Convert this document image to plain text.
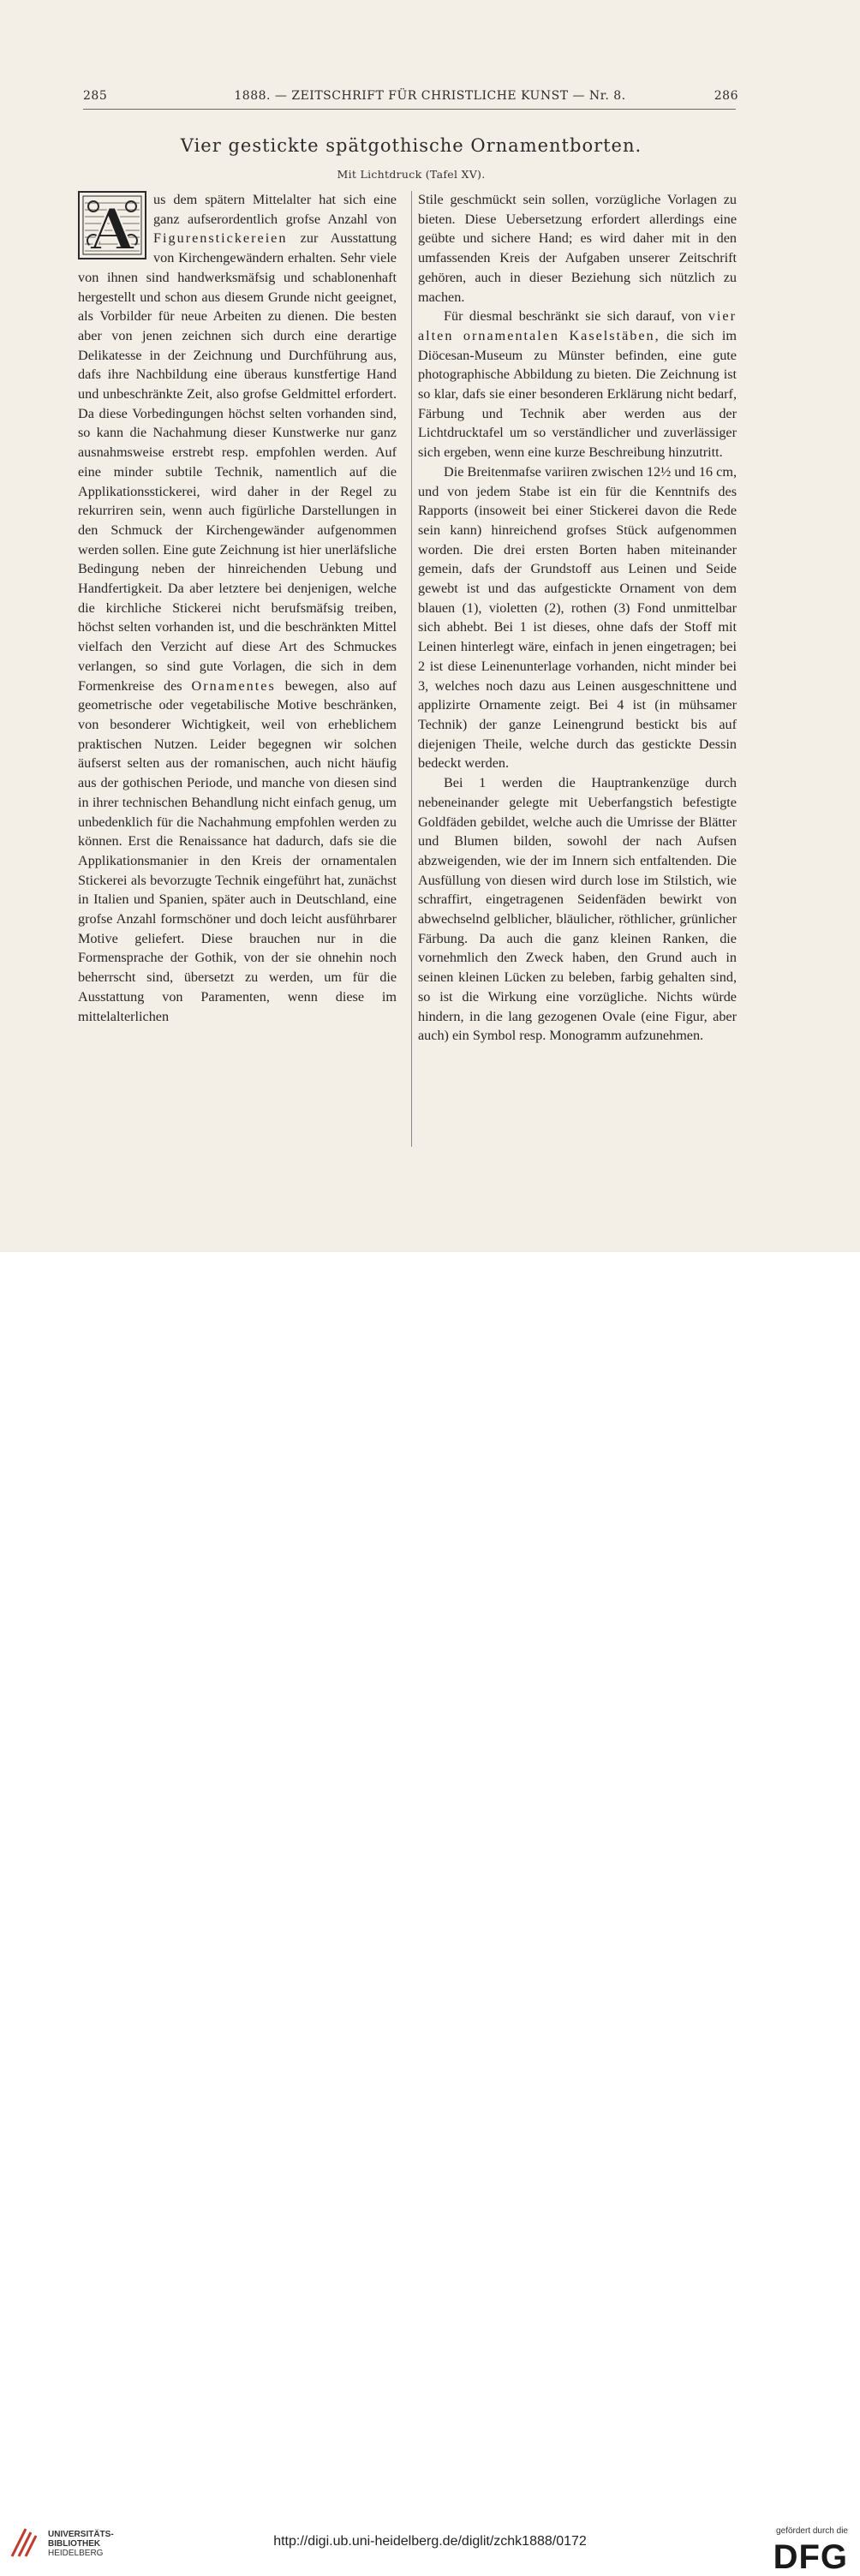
285	1888. — ZEITSCHRIFT FÜR CHRISTLICHE KUNST — Nr. 8.	286
Vier gestickte spätgothische Ornamentborten.
Mit Lichtdruck (Tafel XV).
A	us dem spätern Mittelalter hat sich eine ganz aufserordentlich grofse Anzahl von Figurenstickereien zur Ausstattung von Kirchengewändern erhalten. Sehr viele von ihnen sind handwerksmäfsig und schablonenhaft hergestellt und schon aus diesem Grunde nicht geeignet, als Vorbilder für neue Arbeiten zu dienen. Die besten aber von jenen zeichnen sich durch eine derartige Delikatesse in der Zeichnung und Durchführung aus, dafs ihre Nachbildung eine überaus kunstfertige Hand und unbeschränkte Zeit, also grofse Geldmittel erfordert. Da diese Vorbedingungen höchst selten vorhanden sind, so kann die Nachahmung dieser Kunstwerke nur ganz ausnahmsweise erstrebt resp. empfohlen werden. Auf eine minder subtile Technik, namentlich auf die Applikationsstickerei, wird daher in der Regel zu rekurriren sein, wenn auch figürliche Darstellungen in den Schmuck der Kirchengewänder aufgenommen werden sollen. Eine gute Zeichnung ist hier unerläfsliche Bedingung neben der hinreichenden Uebung und Handfertigkeit. Da aber letztere bei denjenigen, welche die kirchliche Stickerei nicht berufsmäfsig treiben, höchst selten vorhanden ist, und die beschränkten Mittel vielfach den Verzicht auf diese Art des Schmuckes verlangen, so sind gute Vorlagen, die sich in dem Formenkreise des Ornamentes bewegen, also auf geometrische oder vegetabilische Motive beschränken, von besonderer Wichtigkeit, weil von erheblichem praktischen Nutzen. Leider begegnen wir solchen äufserst selten aus der romanischen, auch nicht häufig aus der gothischen Periode, und manche von diesen sind in ihrer technischen Behandlung nicht einfach genug, um unbedenklich für die Nachahmung empfohlen werden zu können. Erst die Renaissance hat dadurch, dafs sie die Applikationsmanier in den Kreis der ornamentalen Stickerei als bevorzugte Technik eingeführt hat, zunächst in Italien und Spanien, später auch in Deutschland, eine grofse Anzahl formschöner und doch leicht ausführbarer Motive geliefert. Diese brauchen nur in die Formensprache der Gothik, von der sie ohnehin noch beherrscht sind, übersetzt zu werden, um für die Ausstattung von Paramenten, wenn diese im mittelalterlichen

Stile geschmückt sein sollen, vorzügliche Vorlagen zu bieten. Diese Uebersetzung erfordert allerdings eine geübte und sichere Hand; es wird daher mit in den umfassenden Kreis der Aufgaben unserer Zeitschrift gehören, auch in dieser Beziehung sich nützlich zu machen.

Für diesmal beschränkt sie sich darauf, von vier alten ornamentalen Kaselstäben, die sich im Diöcesan-Museum zu Münster befinden, eine gute photographische Abbildung zu bieten. Die Zeichnung ist so klar, dafs sie einer besonderen Erklärung nicht bedarf, Färbung und Technik aber werden aus der Lichtdrucktafel um so verständlicher und zuverlässiger sich ergeben, wenn eine kurze Beschreibung hinzutritt.

Die Breitenmafse variiren zwischen 12½ und 16 cm, und von jedem Stabe ist ein für die Kenntnifs des Rapports (insoweit bei einer Stickerei davon die Rede sein kann) hinreichend grofses Stück aufgenommen worden. Die drei ersten Borten haben miteinander gemein, dafs der Grundstoff aus Leinen und Seide gewebt ist und das aufgestickte Ornament von dem blauen (1), violetten (2), rothen (3) Fond unmittelbar sich abhebt. Bei 1 ist dieses, ohne dafs der Stoff mit Leinen hinterlegt wäre, einfach in jenen eingetragen; bei 2 ist diese Leinenunterlage vorhanden, nicht minder bei 3, welches noch dazu aus Leinen ausgeschnittene und applizirte Ornamente zeigt. Bei 4 ist (in mühsamer Technik) der ganze Leinengrund bestickt bis auf diejenigen Theile, welche durch das gestickte Dessin bedeckt werden.

Bei 1 werden die Hauptrankenzüge durch nebeneinander gelegte mit Ueberfangstich befestigte Goldfäden gebildet, welche auch die Umrisse der Blätter und Blumen bilden, sowohl der nach Aufsen abzweigenden, wie der im Innern sich entfaltenden. Die Ausfüllung von diesen wird durch lose im Stilstich, wie schraffirt, eingetragenen Seidenfäden bewirkt von abwechselnd gelblicher, bläulicher, röthlicher, grünlicher Färbung. Da auch die ganz kleinen Ranken, die vornehmlich den Zweck haben, den Grund auch in seinen kleinen Lücken zu beleben, farbig gehalten sind, so ist die Wirkung eine vorzügliche. Nichts würde hindern, in die lang gezogenen Ovale (eine Figur, aber auch) ein Symbol resp. Monogramm aufzunehmen.

UNIVERSITÄTS-
BIBLIOTHEK
HEIDELBERG
http://digi.ub.uni-heidelberg.de/diglit/zchk1888/0172
gefördert durch die
DFG
